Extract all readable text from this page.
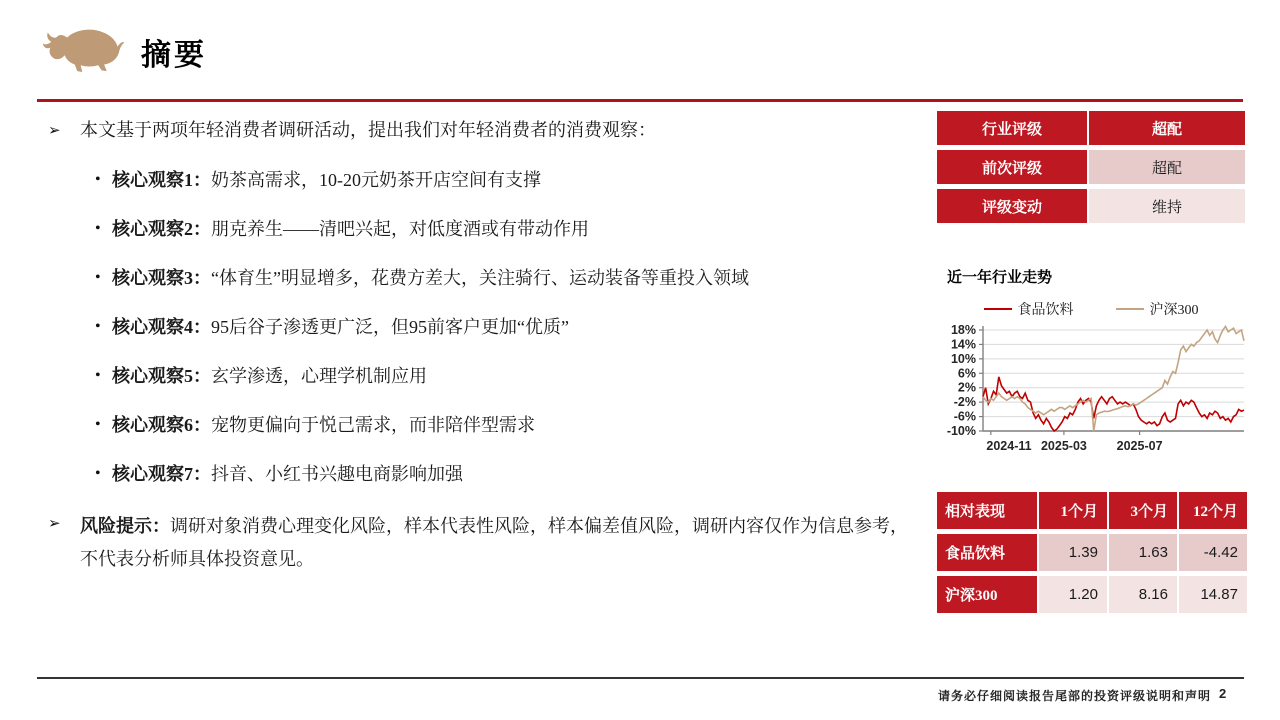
摘要
➢	本文基于两项年轻消费者调研活动，提出我们对年轻消费者的消费观察：
• 核心观察1：奶茶高需求，10-20元奶茶开店空间有支撑
• 核心观察2：朋克养生——清吧兴起，对低度酒或有带动作用
• 核心观察3：“体育生”明显增多，花费方差大，关注骑行、运动装备等重投入领域
• 核心观察4：95后谷子渗透更广泛，但95前客户更加“优质”
• 核心观察5：玄学渗透，心理学机制应用
• 核心观察6：宠物更偏向于悦己需求，而非陪伴型需求
• 核心观察7：抖音、小红书兴趣电商影响加强
➢	风险提示：调研对象消费心理变化风险，样本代表性风险，样本偏差值风险，调研内容仅作为信息参考，不代表分析师具体投资意见。
行业评级	超配
前次评级	超配
评级变动	维持
近一年行业走势
食品饮料	沪深300
18%
14%
10%
6%
2%
-2%
-6%
-10%
2024-11 2025-03 2025-07
相对表现	1个月	3个月	12个月
食品饮料	1.39	1.63	-4.42
沪深300	1.20	8.16	14.87
请务必仔细阅读报告尾部的投资评级说明和声明 2
